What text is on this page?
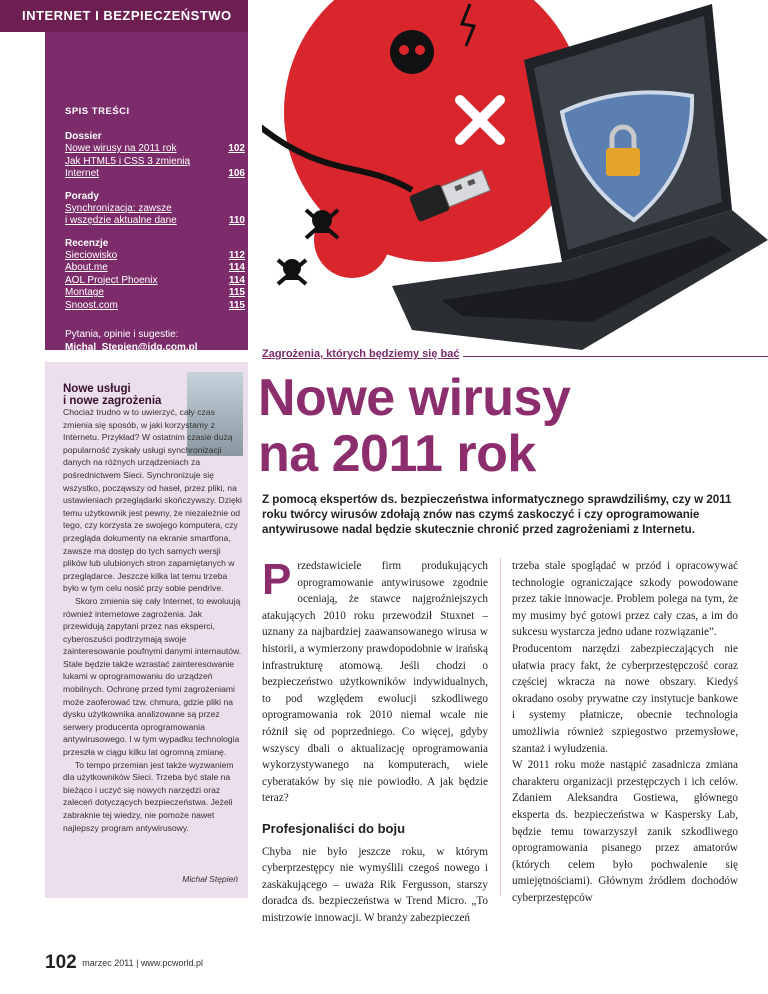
INTERNET I BEZPIECZEŃSTWO
SPIS TREŚCI
Dossier
Nowe wirusy na 2011 rok	102
Jak HTML5 i CSS 3 zmienią Internet	106
Porady
Synchronizacja: zawsze
i wszędzie aktualne dane	110
Recenzje
Sieciowisko	112
About.me	114
AOL Project Phoenix	114
Montage	115
Snoost.com	115
Pytania, opinie i sugestie:
Michal_Stepien@idg.com.pl
Nowe usługi
i nowe zagrożenia

Chociaż trudno w to uwierzyć, cały czas zmienia się sposób, w jaki korzystamy z Internetu. Przykład? W ostatnim czasie dużą popularność zyskały usługi synchronizacji danych na różnych urządzeniach za pośrednictwem Sieci. Synchronizuje się wszystko, począwszy od haseł, przez pliki, na ustawieniach przeglądarki skończywszy. Dzięki temu użytkownik jest pewny, że niezależnie od tego, czy korzysta ze swojego komputera, czy przegląda dokumenty na ekranie smartfona, zawsze ma dostęp do tych samych wersji plików lub ulubionych stron zapamiętanych w przeglądarce. Jeszcze kilka lat temu trzeba było w tym celu nosić przy sobie pendrive.

Skoro zmienia się cały Internet, to ewoluują również internetowe zagrożenia. Jak przewidują zapytani przez nas eksperci, cyberoszuści podtrzymają swoje zainteresowanie poufnymi danymi internautów. Stale będzie także wzrastać zainteresowanie lukami w oprogramowaniu do urządzeń mobilnych. Ochronę przed tymi zagrożeniami może zaoferować tzw. chmura, gdzie pliki na dysku użytkownika analizowane są przez serwery producenta oprogramowania antywirusowego. I w tym wypadku technologia przeszła w ciągu kilku lat ogromną zmianę.

To tempo przemian jest także wyzwaniem dla użytkowników Sieci. Trzeba być stale na bieżąco i uczyć się nowych narzędzi oraz zaleceń dotyczących bezpieczeństwa. Jeżeli zabraknie tej wiedzy, nie pomoże nawet najlepszy program antywirusowy.

Michał Stępień
Zagrożenia, których będziemy się bać
Nowe wirusy
na 2011 rok
Z pomocą ekspertów ds. bezpieczeństwa informatycznego sprawdziliśmy, czy w 2011 roku twórcy wirusów zdołają znów nas czymś zaskoczyć i czy oprogramowanie antywirusowe nadal będzie skutecznie chronić przed zagrożeniami z Internetu.
P rzedstawiciele firm produkujących oprogramowanie antywirusowe zgodnie oceniają, że stawce najgroźniejszych atakujących 2010 roku przewodził Stuxnet – uznany za najbardziej zaawansowanego wirusa w historii, a wymierzony prawdopodobnie w irańską infrastrukturę atomową. Jeśli chodzi o bezpieczeństwo użytkowników indywidualnych, to pod względem ewolucji szkodliwego oprogramowania rok 2010 niemal wcale nie różnił się od poprzedniego. Co więcej, gdyby wszyscy dbali o aktualizację oprogramowania wykorzystywanego na komputerach, wiele cyberataków by się nie powiodło. A jak będzie teraz?

Profesjonaliści do boju

Chyba nie było jeszcze roku, w którym cyberprzestępcy nie wymyślili czegoś nowego i zaskakującego – uważa Rik Fergusson, starszy doradca ds. bezpieczeństwa w Trend Micro. „To mistrzowie innowacji. W branży zabezpieczeń

trzeba stale spoglądać w przód i opracowywać technologie ograniczające szkody powodowane przez takie innowacje. Problem polega na tym, że my musimy być gotowi przez cały czas, a im do sukcesu wystarcza jedno udane rozwiązanie”.

Producentom narzędzi zabezpieczających nie ułatwia pracy fakt, że cyberprzestępczość coraz częściej wkracza na nowe obszary. Kiedyś okradano osoby prywatne czy instytucje bankowe i systemy płatnicze, obecnie technologia umożliwia również szpiegostwo przemysłowe, szantaż i wyłudzenia.

W 2011 roku może nastąpić zasadnicza zmiana charakteru organizacji przestępczych i ich celów. Zdaniem Aleksandra Gostiewa, głównego eksperta ds. bezpieczeństwa w Kaspersky Lab, będzie temu towarzyszył zanik szkodliwego oprogramowania pisanego przez amatorów (których celem było pochwalenie się umiejętnościami). Głównym źródłem dochodów cyberprzestępców

102 marzec 2011 | www.pcworld.pl
